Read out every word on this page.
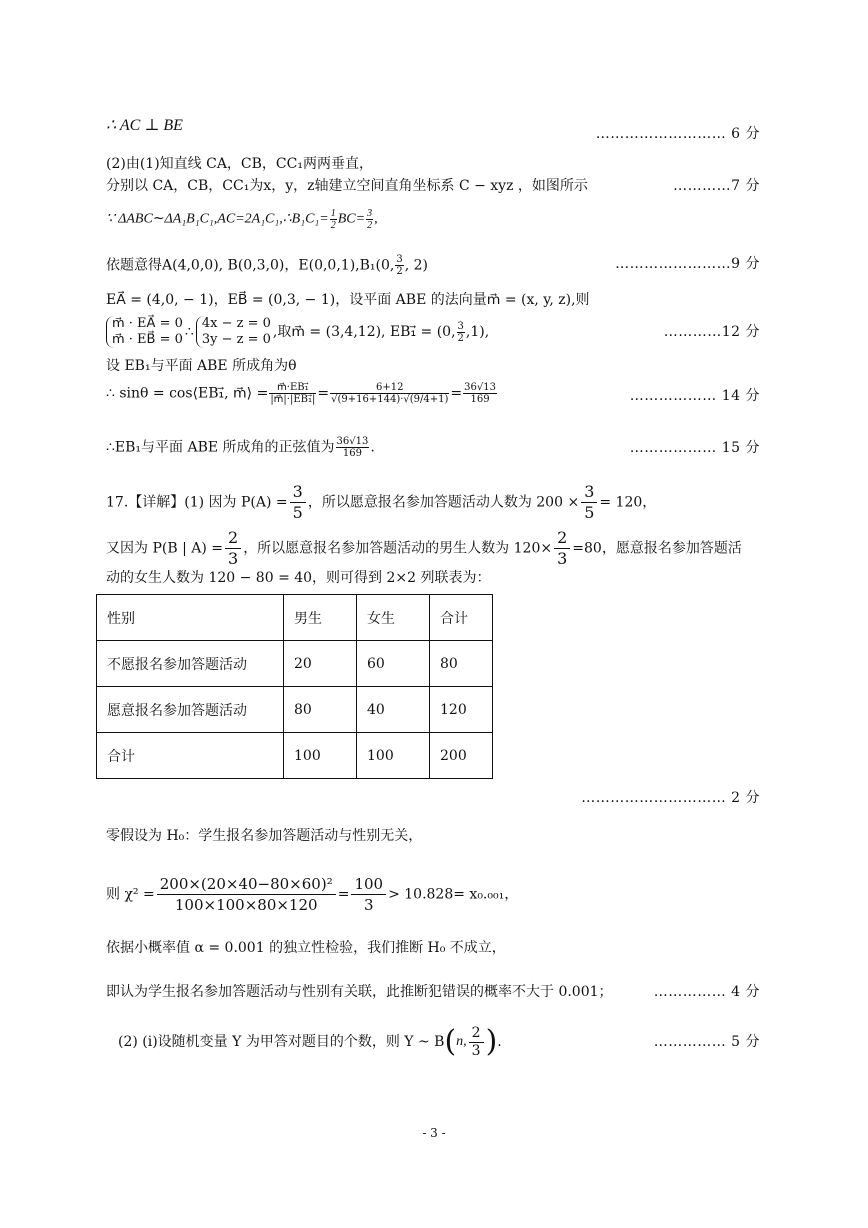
∴ AC ⊥ BE	……………………… 6 分
(2)由(1)知直线 CA，CB，CC₁两两垂直，
分别以 CA，CB，CC₁为x，y，z轴建立空间直角坐标系 C − xyz ，如图所示	…………7 分
∵ ΔABC∼ΔA₁B₁C₁,AC=2A₁C₁,∴B₁C₁= $\frac{1}{2} BC= \frac{3}{2}$ ,
依题意得A(4,0,0), B(0,3,0)，E(0,0,1),B₁(0, $\frac{3}{2}$ , 2)	……………………9 分
EA⃗ = (4,0, − 1)，EB⃗ = (0,3, − 1)，设平面 ABE 的法向量m⃗ = (x, y, z),则
m⃗ · EA⃗ = 0
m⃗ · EB⃗ = 0 ∴
4x − z = 0
3y − z = 0 ,取m⃗ = (3,4,12), EB₁⃗ = (0, $\frac{3}{2} ,1$),	…………12 分
设 EB₁与平面 ABE 所成角为θ
∴ sinθ = cos⟨EB₁⃗, m⃗⟩ = $\frac{\text{m⃗·EB₁⃗}}{\text{|m⃗|·|EB₁⃗|}} = \frac{6+12}{√(9+16+144)\cdot√(9/4+1)} = \frac{36√13}{169}$	……………… 14 分
∴EB₁与平面 ABE 所成角的正弦值为 $\frac{36√13}{169}$ .	……………… 15 分
17.【详解】(1) 因为 $P(A) = \frac{3}{5}$ ，所以愿意报名参加答题活动人数为 $200 \times \frac{3}{5} = 120$，
又因为 P(B | $A) = \frac{2}{3}$ ，所以愿意报名参加答题活动的男生人数为 $120\times \frac{2}{3} =80$，愿意报名参加答题活
动的女生人数为 120 − 80 = 40，则可得到 2×2 列联表为：
性别	男生	女生	合计
不愿报名参加答题活动	20	60	80
愿意报名参加答题活动	80	40	120
合计	100	100	200
………………………… 2 分
零假设为 H₀：学生报名参加答题活动与性别无关，
则 $\chi^2 = \frac{\text{200×(20×40−80×60)²}}{100\times 100\times 80\times 120} = \frac{100}{3} > 10.828= x_0._{001}$，
依据小概率值 α = 0.001 的独立性检验，我们推断 H₀ 不成立，
即认为学生报名参加答题活动与性别有关联，此推断犯错误的概率不大于 0.001；	…………… 4 分
(2) (i)设随机变量 Y 为甲答对题目的个数，则 Y ~ B(n, $\frac{2}{3}$ ).	…………… 5 分
- 3 -
